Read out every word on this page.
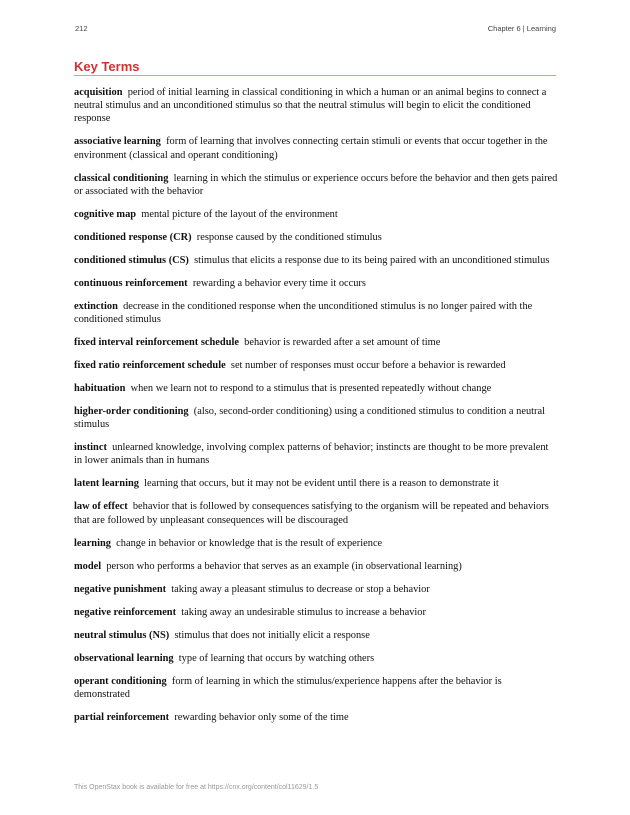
212	Chapter 6 | Learning
Key Terms

acquisition period of initial learning in classical conditioning in which a human or an animal begins to connect a neutral stimulus and an unconditioned stimulus so that the neutral stimulus will begin to elicit the conditioned response

associative learning form of learning that involves connecting certain stimuli or events that occur together in the environment (classical and operant conditioning)

classical conditioning learning in which the stimulus or experience occurs before the behavior and then gets paired or associated with the behavior

cognitive map mental picture of the layout of the environment

conditioned response (CR) response caused by the conditioned stimulus

conditioned stimulus (CS) stimulus that elicits a response due to its being paired with an unconditioned stimulus

continuous reinforcement rewarding a behavior every time it occurs

extinction decrease in the conditioned response when the unconditioned stimulus is no longer paired with the conditioned stimulus

fixed interval reinforcement schedule behavior is rewarded after a set amount of time

fixed ratio reinforcement schedule set number of responses must occur before a behavior is rewarded

habituation when we learn not to respond to a stimulus that is presented repeatedly without change

higher-order conditioning (also, second-order conditioning) using a conditioned stimulus to condition a neutral stimulus

instinct unlearned knowledge, involving complex patterns of behavior; instincts are thought to be more prevalent in lower animals than in humans

latent learning learning that occurs, but it may not be evident until there is a reason to demonstrate it

law of effect behavior that is followed by consequences satisfying to the organism will be repeated and behaviors that are followed by unpleasant consequences will be discouraged

learning change in behavior or knowledge that is the result of experience

model person who performs a behavior that serves as an example (in observational learning)

negative punishment taking away a pleasant stimulus to decrease or stop a behavior

negative reinforcement taking away an undesirable stimulus to increase a behavior

neutral stimulus (NS) stimulus that does not initially elicit a response

observational learning type of learning that occurs by watching others

operant conditioning form of learning in which the stimulus/experience happens after the behavior is demonstrated

partial reinforcement rewarding behavior only some of the time

This OpenStax book is available for free at https://cnx.org/content/col11629/1.5
